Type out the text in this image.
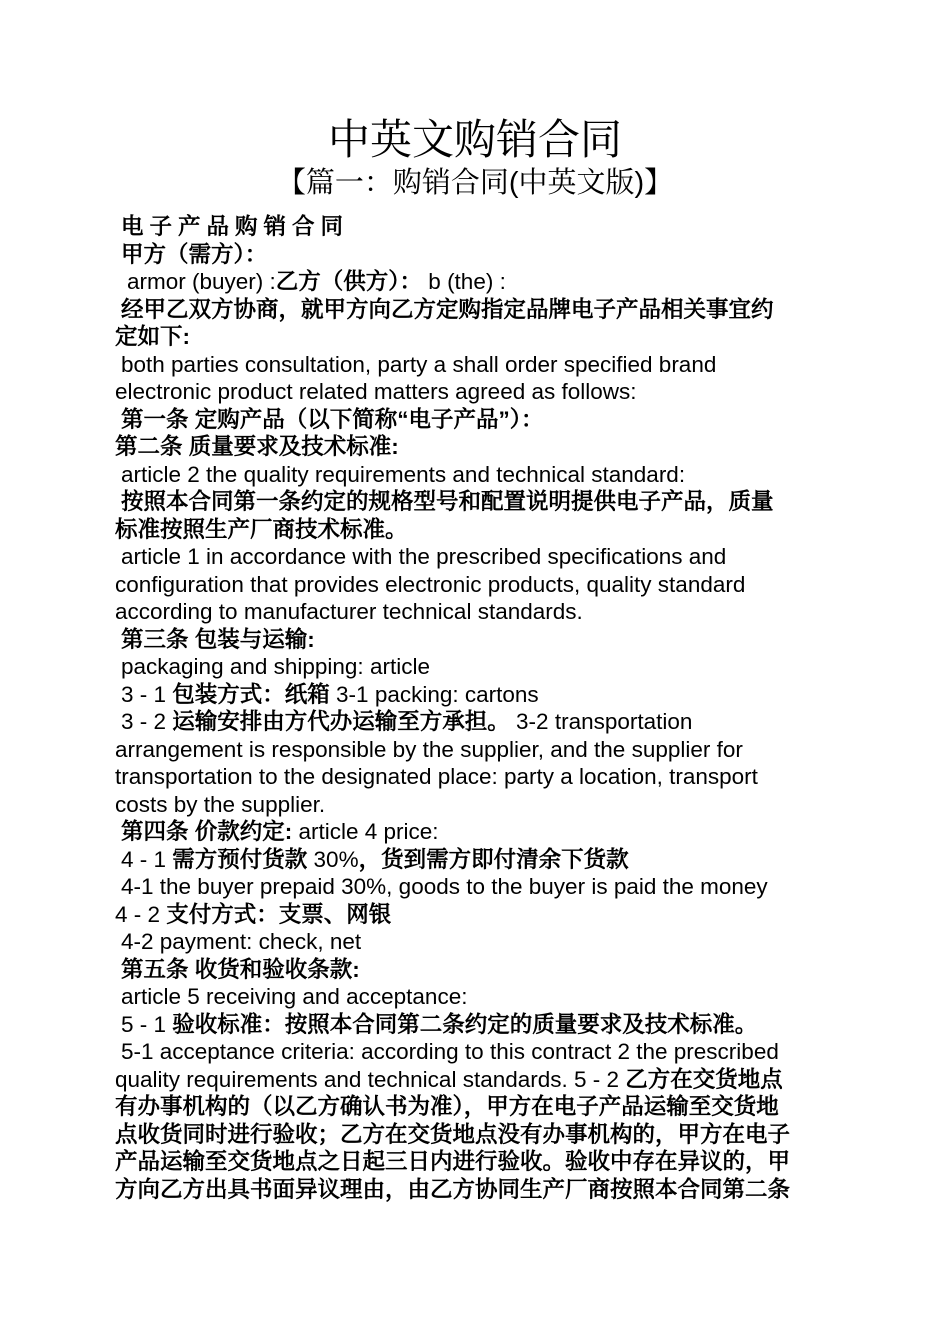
中英文购销合同
【篇一：购销合同(中英文版)】
电子产品购销合同
甲方（需方）：
armor (buyer) :乙方（供方）： b (the) :
经甲乙双方协商，就甲方向乙方定购指定品牌电子产品相关事宜约
定如下:
both parties consultation, party a shall order specified brand
electronic product related matters agreed as follows:
第一条 定购产品（以下简称“电子产品”）：
第二条 质量要求及技术标准:
article 2 the quality requirements and technical standard:
按照本合同第一条约定的规格型号和配置说明提供电子产品，质量
标准按照生产厂商技术标准。
article 1 in accordance with the prescribed specifications and
configuration that provides electronic products, quality standard
according to manufacturer technical standards.
第三条 包装与运输:
packaging and shipping: article
3 - 1 包装方式：纸箱 3-1 packing: cartons
3 - 2 运输安排由方代办运输至方承担。 3-2 transportation
arrangement is responsible by the supplier, and the supplier for
transportation to the designated place: party a location, transport
costs by the supplier.
第四条 价款约定: article 4 price:
4 - 1 需方预付货款 30%，货到需方即付清余下货款
4-1 the buyer prepaid 30%, goods to the buyer is paid the money
4 - 2 支付方式：支票、网银
4-2 payment: check, net
第五条 收货和验收条款:
article 5 receiving and acceptance:
5 - 1 验收标准：按照本合同第二条约定的质量要求及技术标准。
5-1 acceptance criteria: according to this contract 2 the prescribed
quality requirements and technical standards. 5 - 2 乙方在交货地点
有办事机构的（以乙方确认书为准），甲方在电子产品运输至交货地
点收货同时进行验收；乙方在交货地点没有办事机构的，甲方在电子
产品运输至交货地点之日起三日内进行验收。验收中存在异议的，甲
方向乙方出具书面异议理由，由乙方协同生产厂商按照本合同第二条
